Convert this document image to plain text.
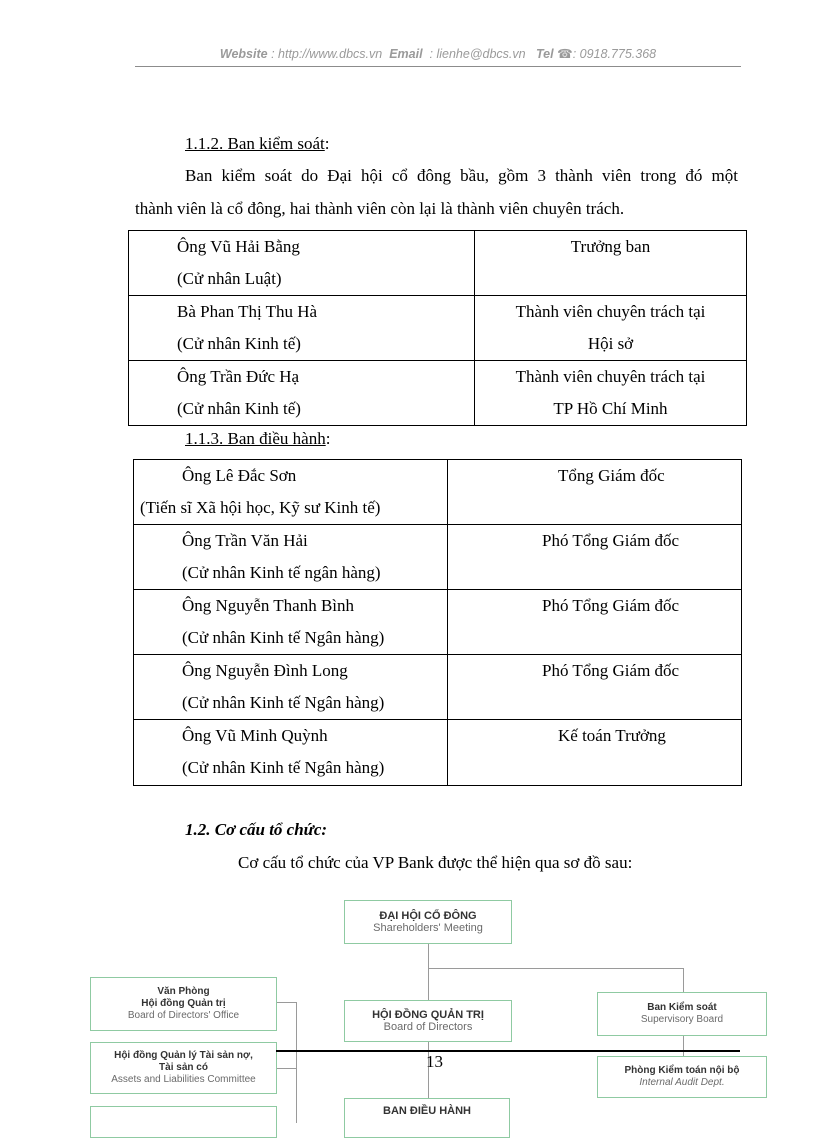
Website : http://www.dbcs.vn Email : lienhe@dbcs.vn Tel ☎: 0918.775.368
1.1.2. Ban kiểm soát:
Ban kiểm soát do Đại hội cổ đông bầu, gồm 3 thành viên trong đó một
thành viên là cổ đông, hai thành viên còn lại là thành viên chuyên trách.
Ông Vũ Hải Bằng
(Cử nhân Luật)	Trưởng ban

Bà Phan Thị Thu Hà
(Cử nhân Kinh tế)	Thành viên chuyên trách tại
Hội sở

Ông Trần Đức Hạ
(Cử nhân Kinh tế)	Thành viên chuyên trách tại
TP Hồ Chí Minh
1.1.3. Ban điều hành:
Ông Lê Đắc Sơn
(Tiến sĩ Xã hội học, Kỹ sư Kinh tế)	Tổng Giám đốc

Ông Trần Văn Hải
(Cử nhân Kinh tế ngân hàng)	Phó Tổng Giám đốc

Ông Nguyễn Thanh Bình
(Cử nhân Kinh tế Ngân hàng)	Phó Tổng Giám đốc

Ông Nguyễn Đình Long
(Cử nhân Kinh tế Ngân hàng)	Phó Tổng Giám đốc

Ông Vũ Minh Quỳnh
(Cử nhân Kinh tế Ngân hàng)	Kế toán Trưởng
1.2. Cơ cấu tổ chức:
Cơ cấu tổ chức của VP Bank được thể hiện qua sơ đồ sau:
ĐẠI HỘI CỔ ĐÔNG
Shareholders' Meeting
Văn Phòng
Hội đồng Quản trị
Board of Directors' Office	HỘI ĐỒNG QUẢN TRỊ
Board of Directors
Ban Kiểm soát
Supervisory Board
Hội đồng Quản lý Tài sản nợ,
Tài sản có
Assets and Liabilities Committee
Phòng Kiểm toán nội bộ
Internal Audit Dept.
BAN ĐIỀU HÀNH
13
